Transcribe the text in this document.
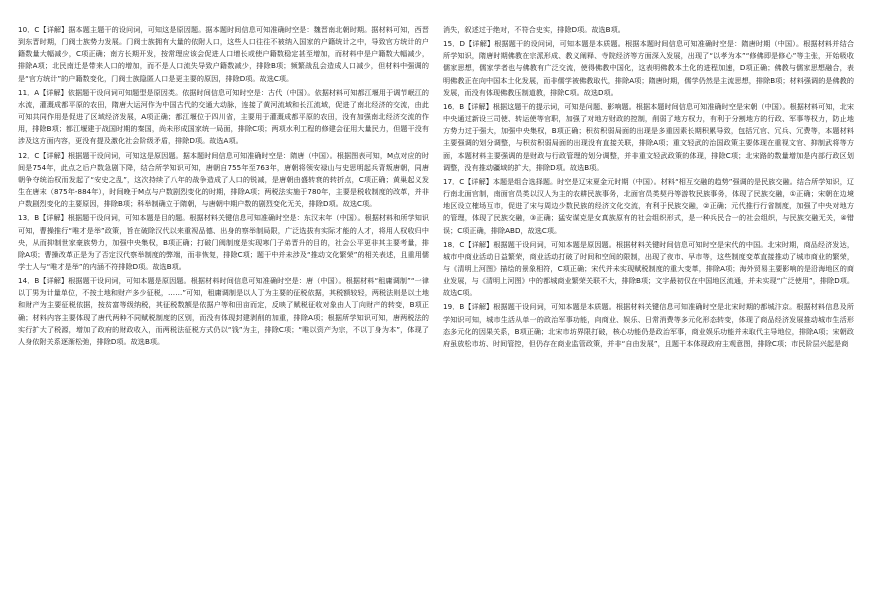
10．C【详解】据本题主题干的设问词，可知这是原因题。据本题时间信息可知准确时空是：魏晋南北朝时期。据材料可知，西晋到东晋时期，门阀士族势力发展。门阀士族拥有大量的依附人口，这些人口往往不被纳入国家的户籍统计之中，导致官方统计的户籍数量大幅减少，C项正确；南方长期开发，按常理应该会促进人口增长或使户籍数稳定甚至增加，而材料中是户籍数大幅减少，排除A项；北民南迁是带来人口的增加，而不是人口流失导致户籍数减少，排除B项；频繁战乱会造成人口减少，但材料中强调的是“官方统计”的户籍数变化，门阀士族隐匿人口是更主要的原因，排除D项。故选C项。

11．A【详解】依据题干设问词可知题型是原因类。依据时间信息可知时空是：古代（中国）。依据材料可知都江堰用于调节岷江的水流，灌溉成都平原的农田，隋唐大运河作为中国古代的交通大动脉，连接了黄河流域和长江流域，促进了南北经济的交流，由此可知共同作用是促进了区域经济发展，A项正确；都江堰位于四川省，主要用于灌溉成都平原的农田，没有加强南北经济交流的作用，排除B项；都江堰建于战国时期的秦国，尚未形成国家统一局面，排除C项；两项水利工程的修建会征用大量民力，但题干没有涉及这方面内容，更没有提及激化社会阶级矛盾，排除D项。故选A项。

12．C【详解】根据题干设问词，可知这是原因题。据本题时间信息可知准确时空是：隋唐（中国）。根据图表可知，M点对应的时间是754年，此点之后户数急剧下降，结合所学知识可知，唐朝自755年至763年，唐朝将领安禄山与史思明起兵背叛唐朝，同唐朝争夺统治权而发起了“安史之乱”，这次持续了八年的战争造成了人口的锐减，是唐朝由盛转衰的转折点，C项正确；黄巢起义发生在唐末（875年-884年），时间晚于M点与户数剧烈变化的时期，排除A项；两税法实施于780年，主要是税收制度的改革，并非户数剧烈变化的主要原因，排除B项；科举制确立于隋朝，与唐朝中期户数的剧烈变化无关，排除D项。故选C项。

13．B【详解】根据题干设问词，可知本题是目的题。根据材料关键信息可知准确时空是：东汉末年（中国）。根据材料和所学知识可知，曹操推行“唯才是举”政策，旨在破除汉代以来重视品德、出身的察举制局限，广泛选拔有实际才能的人才，将用人权收归中央，从而抑制世家豪族势力，加强中央集权，B项正确；打破门阀制度是实现寒门子弟晋升的目的，社会公平更非其主要考量，排除A项；曹操改革正是为了否定汉代察举制度的弊端，而非恢复，排除C项；题干中并未涉及“推动文化繁荣”的相关表述，且重用儒学士人与“唯才是举”的内涵不符排除D项。故选B项。

14．B【详解】根据题干设问词，可知本题是原因题。根据材料时间信息可知准确时空是：唐（中国）。根据材料“租庸调制”“一律以丁男为计量单位，不按土地和财产多少征税，……”可知，租庸调制是以人丁为主要的征税依据，其税额较轻，两税法则是以土地和财产为主要征税依据，按贫富等级纳税，其征税数额是依据户等和田亩而定，反映了赋税征收对象由人丁向财产的转变，B项正确；材料内容主要体现了唐代两种不同赋税制度的区别，而没有体现封建剥削的加重，排除A项；根据所学知识可知，唐两税法的实行扩大了税源，增加了政府的财政收入，而两税法征税方式仍以“钱”为主，排除C项；“唯以资产为宗，不以丁身为本”，体现了人身依附关系逐渐松弛，排除D项。故选B项。

消失，叙述过于绝对，不符合史实，排除D项。故选B项。

15．D【详解】根据题干的设问词，可知本题是本质题。根据本题时间信息可知准确时空是：隋唐时期（中国）。根据材料并结合所学知识，隋唐时期佛教在宗派形成、教义阐释、寺院经济等方面深入发展，出现了“以孝为本”“修佛即是修心”等主张，开始吸收儒家思想，儒家学者也与佛教有广泛交流，使得佛教中国化，这表明佛教本土化的进程加速，D项正确；佛教与儒家思想融合，表明佛教正在向中国本土化发展，而非儒学被佛教取代，排除A项；隋唐时期，儒学仍然是主流思想，排除B项；材料强调的是佛教的发展，而没有体现佛教压制道教，排除C项。故选D项。

16．B【详解】根据这题干的提示词，可知是问题、影响题。根据本题时间信息可知准确时空是宋朝（中国）。根据材料可知，北宋中央通过新设三司使、转运使等官职，加强了对地方财政的控制，削弱了地方权力，有利于分割地方的行政、军事等权力，防止地方势力过于强大，加强中央集权，B项正确；积贫积弱局面的出现是多重因素长期积累导致，包括冗官、冗兵、冗费等，本题材料主要强调的划分调整，与积贫积弱局面的出现没有直接关联，排除A项；重文轻武的治国政策主要体现在重视文官、抑制武将等方面，本题材料主要强调的是财政与行政管理的划分调整，并非重文轻武政策的体现，排除C项；北宋路的数量增加是内部行政区划调整，没有推动疆域的扩大，排除D项。故选B项。

17．C【详解】本题是组合选择题。时空是辽宋夏金元时期（中国）。材料“相互交融的趋势”强调的是民族交融。结合所学知识，辽行南北面官制，南面官员类以汉人为主的农耕民族事务，北面官员类契丹等游牧民族事务，体现了民族交融，①正确；宋朝在边境地区设立榷场互市，促进了宋与周边少数民族的经济文化交流，有利于民族交融，②正确；元代推行行省制度，加强了中央对地方的管理，体现了民族交融，③正确；猛安谋克是女真族原有的社会组织形式，是一种兵民合一的社会组织，与民族交融无关，④错误；C项正确，排除ABD，故选C项。

18．C【详解】根据题干设问词，可知本题是原因题。根据材料关键时间信息可知时空是宋代的中国。北宋时期，商品经济发达，城市中商业活动日益繁荣，商业活动打破了时间和空间的限制，出现了夜市、早市等，这些制度变革直接推动了城市商业的繁荣，与《清明上河图》描绘的景象相符，C项正确；宋代并未实现赋税制度的重大变革，排除A项；海外贸易主要影响的是沿海地区的商业发展，与《清明上河图》中的都城商业繁荣关联不大，排除B项；文字最初仅在中国地区流通，并未实现“广泛使用”，排除D项。故选C项。

19．B【详解】根据题干设问词，可知本题是本质题。根据材料关键信息可知准确时空是北宋时期的都城汴京。根据材料信息及所学知识可知，城市生活从单一的政治军事功能，向商业、娱乐、日常消费等多元化形态转变，体现了商品经济发展推动城市生活形态多元化的因果关系，B项正确；北宋市坊界限打破，核心功能仍是政治军事，商业娱乐功能并未取代主导地位，排除A项；宋朝政府虽放松市坊、时间管控，但仍存在商业监管政策，并非“自由发展”，且题干本体现政府主观意图，排除C项；市民阶层兴起是商
